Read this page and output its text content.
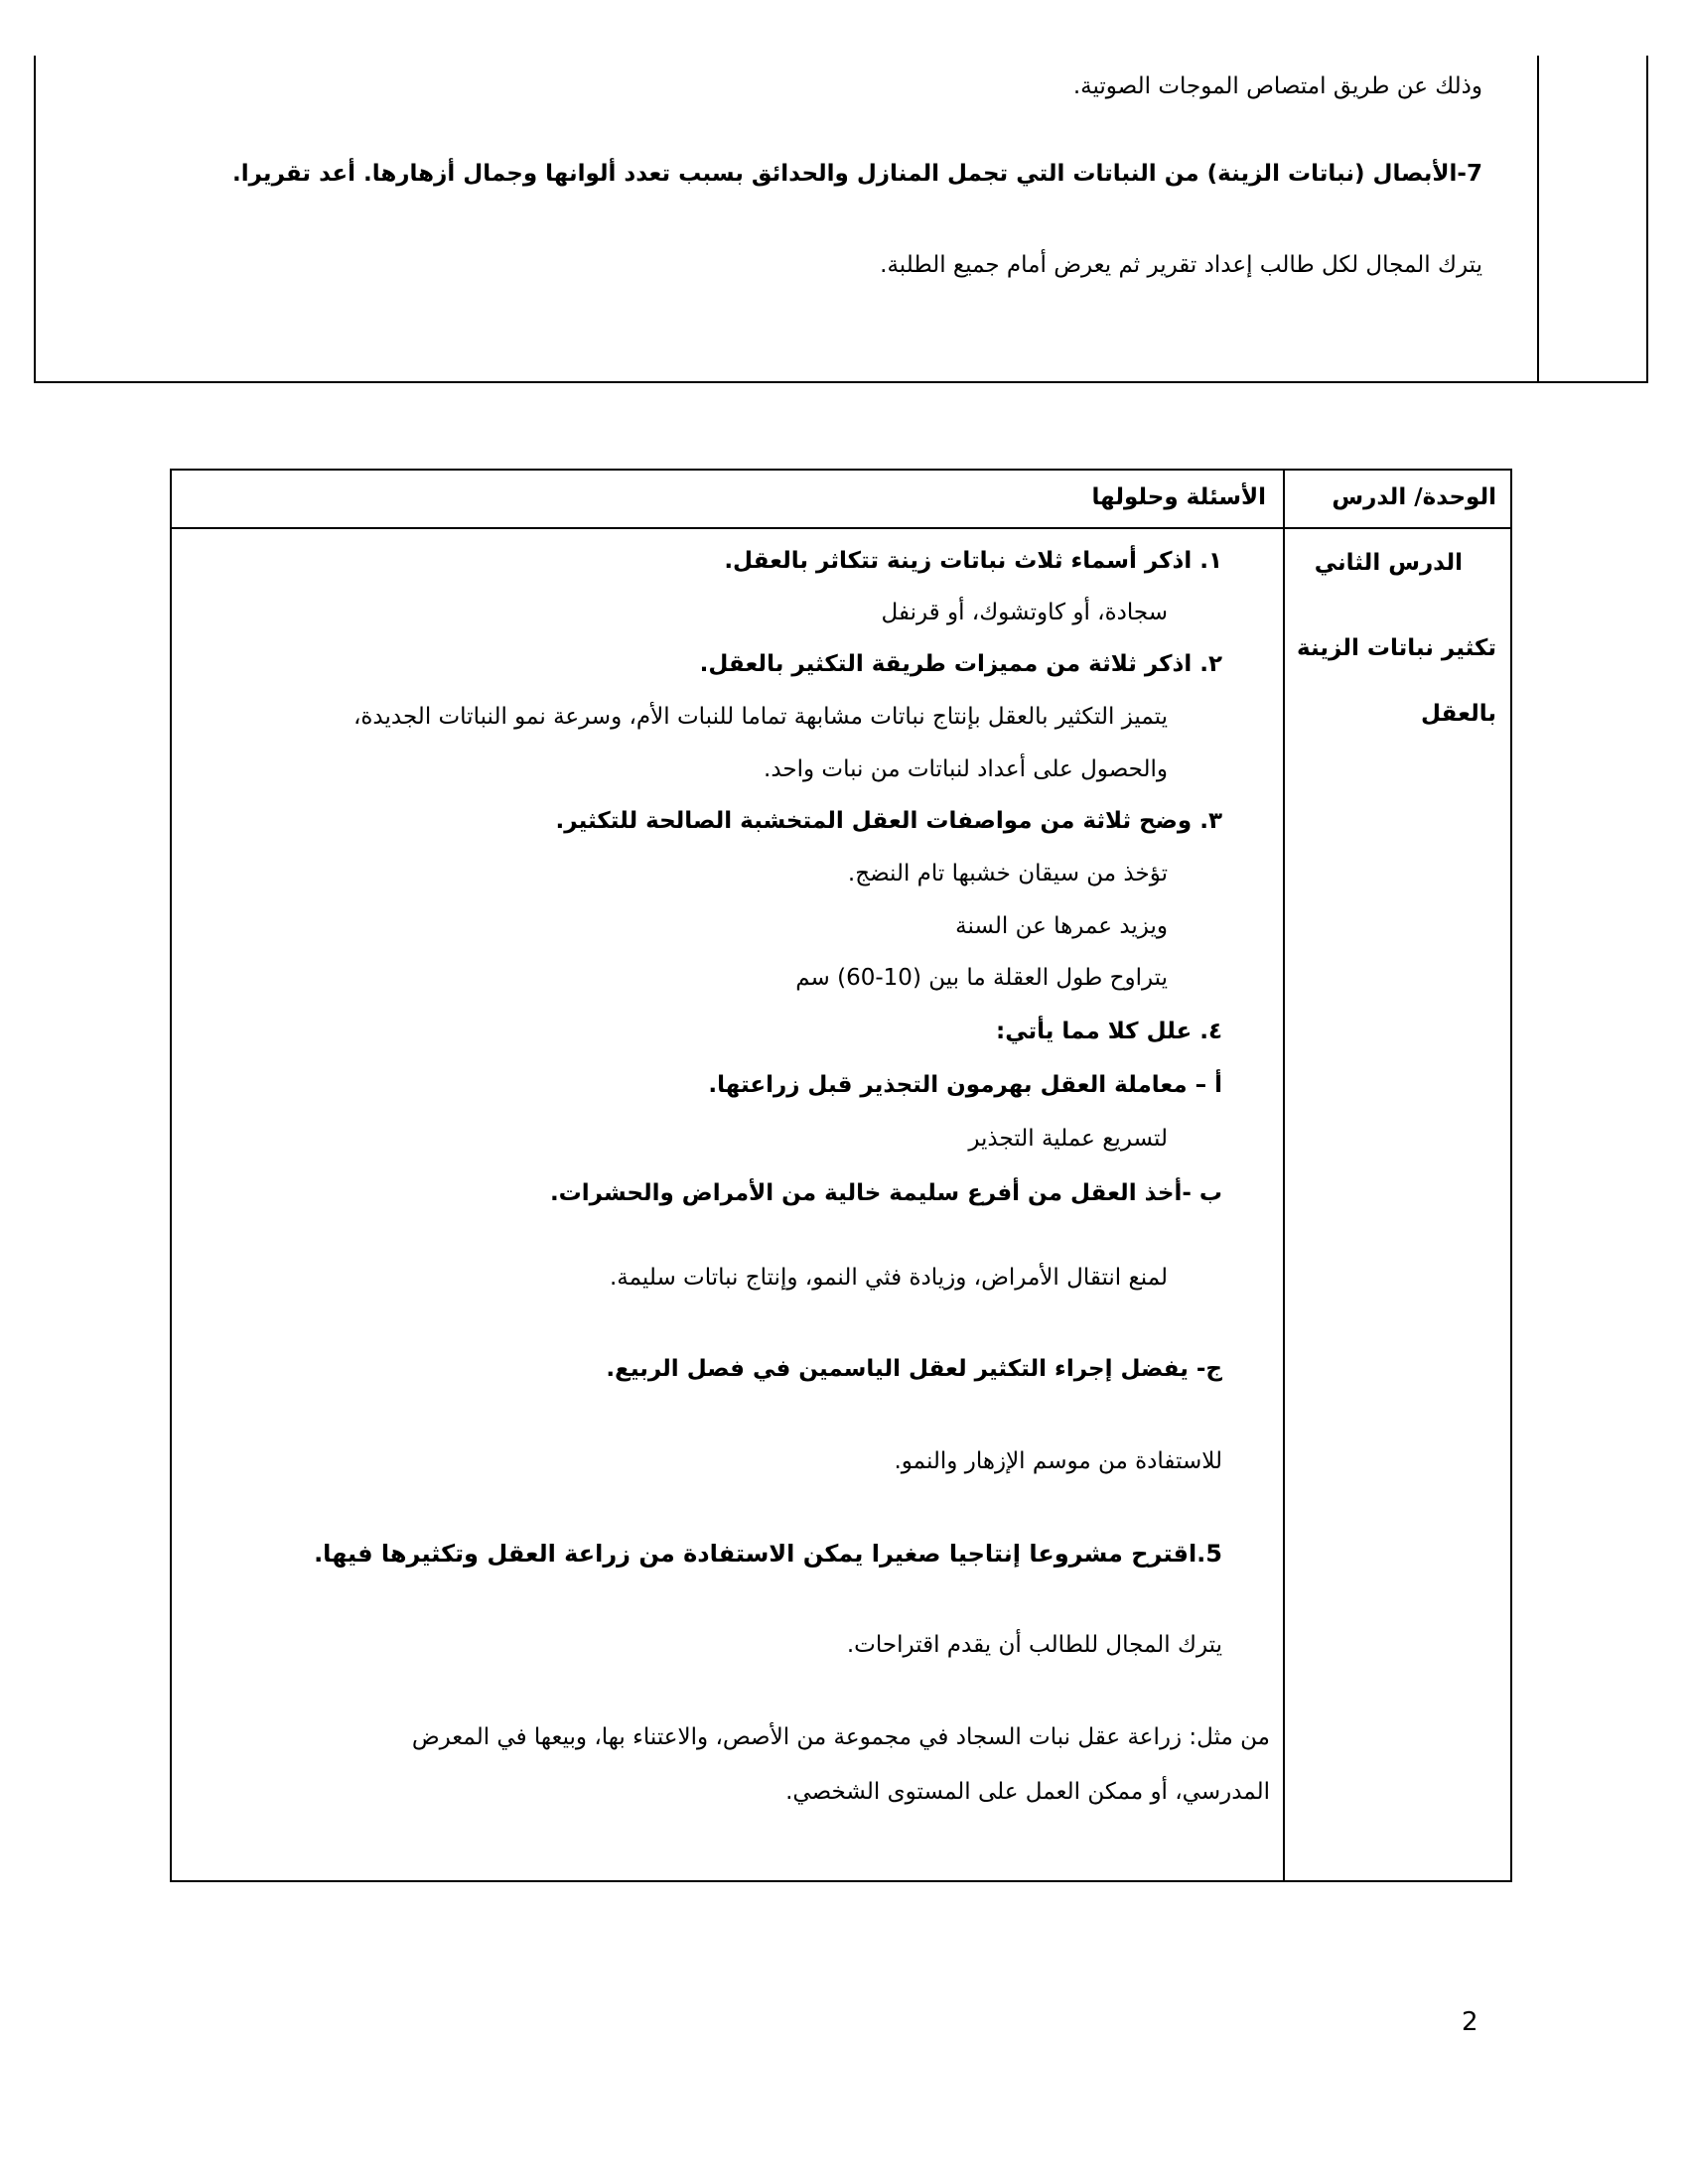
وذلك عن طريق امتصاص الموجات الصوتية.
7-الأبصال (نباتات الزينة) من النباتات التي تجمل المنازل والحدائق بسبب تعدد ألوانها وجمال أزهارها. أعد تقريرا.
يترك المجال لكل طالب إعداد تقرير ثم يعرض أمام جميع الطلبة.
الوحدة/ الدرس
الأسئلة وحلولها
الدرس الثاني
تكثير نباتات الزينة
بالعقل
١. اذكر أسماء ثلاث نباتات زينة تتكاثر بالعقل.
سجادة، أو كاوتشوك، أو قرنفل
٢. اذكر ثلاثة من مميزات طريقة التكثير بالعقل.
يتميز التكثير بالعقل بإنتاج نباتات مشابهة تماما للنبات الأم، وسرعة نمو النباتات الجديدة،
والحصول على أعداد لنباتات من نبات واحد.
٣. وضح ثلاثة من مواصفات العقل المتخشبة الصالحة للتكثير.
تؤخذ من سيقان خشبها تام النضج.
ويزيد عمرها عن السنة
يتراوح طول العقلة ما بين (10-60) سم
٤. علل كلا مما يأتي:
أ – معاملة العقل بهرمون التجذير قبل زراعتها.
لتسريع عملية التجذير
ب -أخذ العقل من أفرع سليمة خالية من الأمراض والحشرات.
لمنع انتقال الأمراض، وزيادة فثي النمو، وإنتاج نباتات سليمة.
ج- يفضل إجراء التكثير لعقل الياسمين في فصل الربيع.
للاستفادة من موسم الإزهار والنمو.
5.اقترح مشروعا إنتاجيا صغيرا يمكن الاستفادة من زراعة العقل وتكثيرها فيها.
يترك المجال للطالب أن يقدم اقتراحات.
من مثل: زراعة عقل نبات السجاد في مجموعة من الأصص، والاعتناء بها، وبيعها في المعرض
المدرسي، أو ممكن العمل على المستوى الشخصي.
2
